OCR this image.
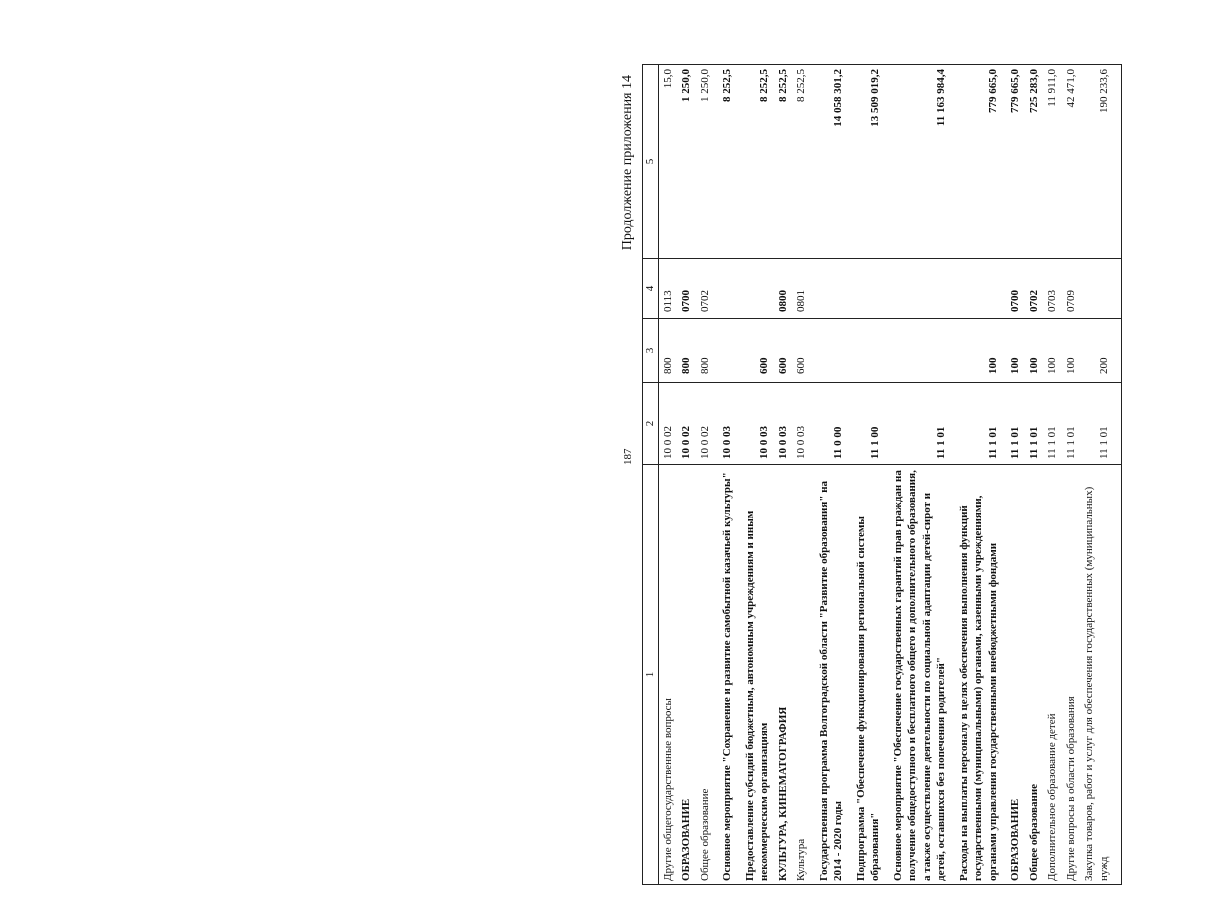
187
Продолжение приложения 14
1	2	3	4	5
Другие общегосударственные вопросы	10 0 02	800	0113	15,0
ОБРАЗОВАНИЕ	10 0 02	800	0700	1 250,0
Общее образование	10 0 02	800	0702	1 250,0
Основное мероприятие "Сохранение и развитие самобытной казачьей культуры"	10 0 03			8 252,5
Предоставление субсидий бюджетным, автономным учреждениям и иным некоммерческим организациям	10 0 03	600		8 252,5
КУЛЬТУРА, КИНЕМАТОГРАФИЯ	10 0 03	600	0800	8 252,5
Культура	10 0 03	600	0801	8 252,5
Государственная программа Волгоградской области "Развитие образования" на 2014 - 2020 годы	11 0 00			14 058 301,2
Подпрограмма "Обеспечение функционирования региональной системы образования"	11 1 00			13 509 019,2
Основное мероприятие "Обеспечение государственных гарантий прав граждан на получение общедоступного и бесплатного общего и дополнительного образования, а также осуществление деятельности по социальной адаптации детей-сирот и детей, оставшихся без попечения родителей"	11 1 01			11 163 984,4
Расходы на выплаты персоналу в целях обеспечения выполнения функций государственными (муниципальными) органами, казенными учреждениями, органами управления государственными внебюджетными фондами	11 1 01	100		779 665,0
ОБРАЗОВАНИЕ	11 1 01	100	0700	779 665,0
Общее образование	11 1 01	100	0702	725 283,0
Дополнительное образование детей	11 1 01	100	0703	11 911,0
Другие вопросы в области образования	11 1 01	100	0709	42 471,0
Закупка товаров, работ и услуг для обеспечения государственных (муниципальных) нужд	11 1 01	200		190 233,6
